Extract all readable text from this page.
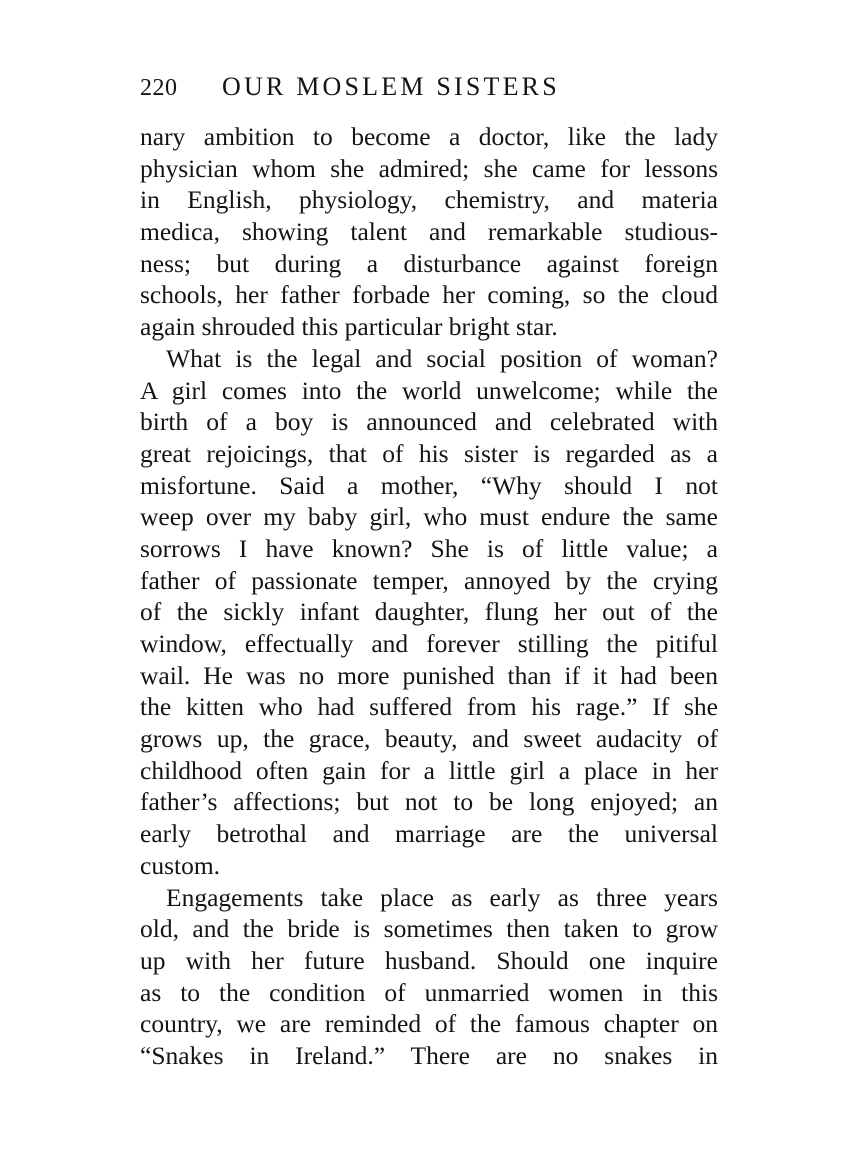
220 OUR MOSLEM SISTERS
nary ambition to become a doctor, like the lady
physician whom she admired; she came for lessons
in English, physiology, chemistry, and materia
medica, showing talent and remarkable studious-
ness; but during a disturbance against foreign
schools, her father forbade her coming, so the cloud
again shrouded this particular bright star.
What is the legal and social position of woman?
A girl comes into the world unwelcome; while the
birth of a boy is announced and celebrated with
great rejoicings, that of his sister is regarded as a
misfortune. Said a mother, “Why should I not
weep over my baby girl, who must endure the same
sorrows I have known? She is of little value; a
father of passionate temper, annoyed by the crying
of the sickly infant daughter, flung her out of the
window, effectually and forever stilling the pitiful
wail. He was no more punished than if it had been
the kitten who had suffered from his rage.” If she
grows up, the grace, beauty, and sweet audacity of
childhood often gain for a little girl a place in her
father’s affections; but not to be long enjoyed; an
early betrothal and marriage are the universal
custom.
Engagements take place as early as three years
old, and the bride is sometimes then taken to grow
up with her future husband. Should one inquire
as to the condition of unmarried women in this
country, we are reminded of the famous chapter on
“Snakes in Ireland.” There are no snakes in
